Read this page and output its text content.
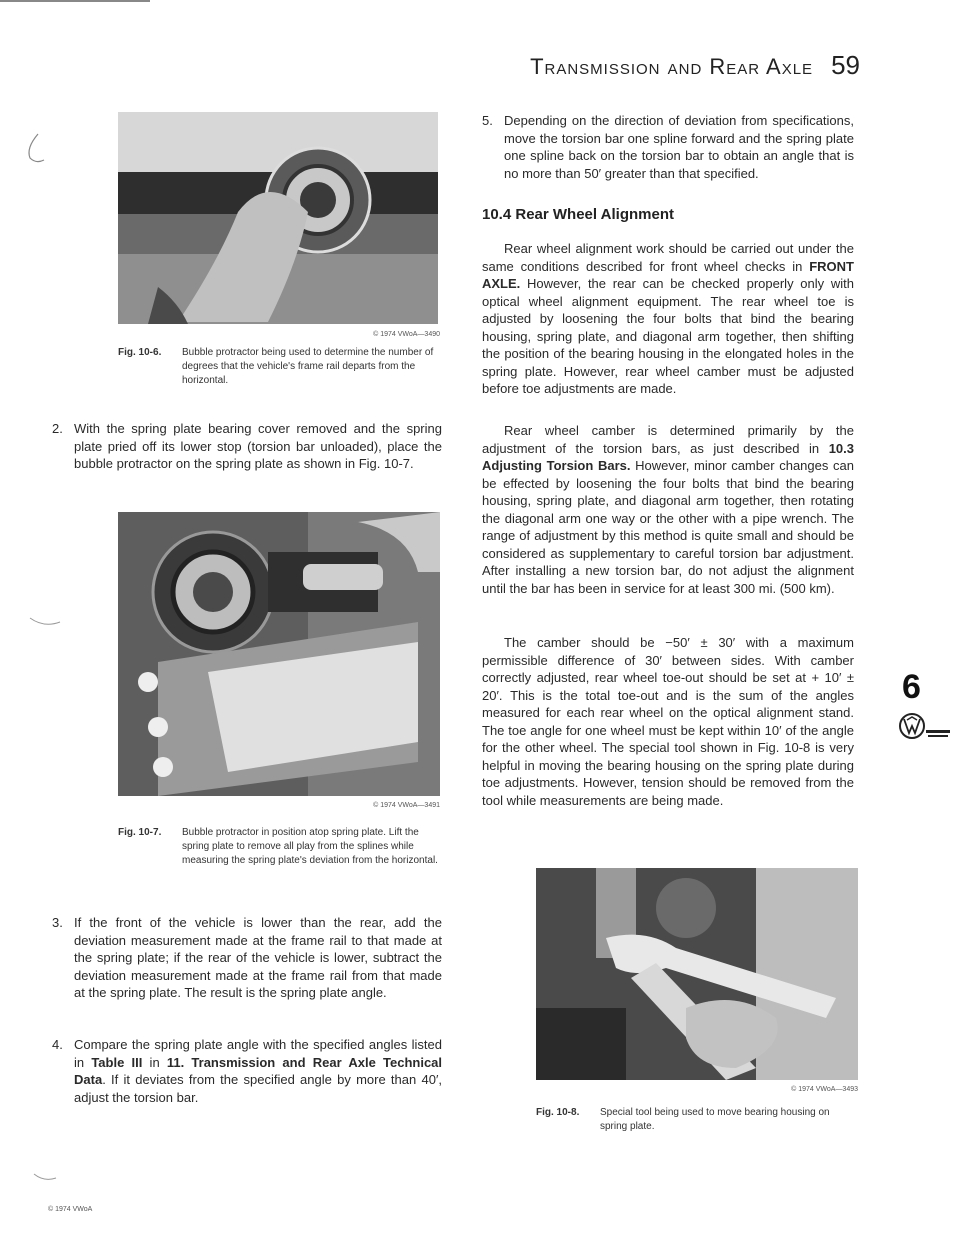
Transmission and Rear Axle 59
© 1974 VWoA—3490
Fig. 10-6.	Bubble protractor being used to determine the number of degrees that the vehicle's frame rail departs from the horizontal.
2. With the spring plate bearing cover removed and the spring plate pried off its lower stop (torsion bar unloaded), place the bubble protractor on the spring plate as shown in Fig. 10-7.
© 1974 VWoA—3491
Fig. 10-7.	Bubble protractor in position atop spring plate. Lift the spring plate to remove all play from the splines while measuring the spring plate's deviation from the horizontal.
3. If the front of the vehicle is lower than the rear, add the deviation measurement made at the frame rail to that made at the spring plate; if the rear of the vehicle is lower, subtract the deviation measurement made at the frame rail from that made at the spring plate. The result is the spring plate angle.
4. Compare the spring plate angle with the specified angles listed in Table III in 11. Transmission and Rear Axle Technical Data. If it deviates from the specified angle by more than 40′, adjust the torsion bar.
5. Depending on the direction of deviation from specifications, move the torsion bar one spline forward and the spring plate one spline back on the torsion bar to obtain an angle that is no more than 50′ greater than that specified.
10.4 Rear Wheel Alignment
Rear wheel alignment work should be carried out under the same conditions described for front wheel checks in FRONT AXLE. However, the rear can be checked properly only with optical wheel alignment equipment. The rear wheel toe is adjusted by loosening the four bolts that bind the bearing housing, spring plate, and diagonal arm together, then shifting the position of the bearing housing in the elongated holes in the spring plate. However, rear wheel camber must be adjusted before toe adjustments are made.
Rear wheel camber is determined primarily by the adjustment of the torsion bars, as just described in 10.3 Adjusting Torsion Bars. However, minor camber changes can be effected by loosening the four bolts that bind the bearing housing, spring plate, and diagonal arm together, then rotating the diagonal arm one way or the other with a pipe wrench. The range of adjustment by this method is quite small and should be considered as supplementary to careful torsion bar adjustment. After installing a new torsion bar, do not adjust the alignment until the bar has been in service for at least 300 mi. (500 km).
The camber should be −50′ ± 30′ with a maximum permissible difference of 30′ between sides. With camber correctly adjusted, rear wheel toe-out should be set at + 10′ ± 20′. This is the total toe-out and is the sum of the angles measured for each rear wheel on the optical alignment stand. The toe angle for one wheel must be kept within 10′ of the angle for the other wheel. The special tool shown in Fig. 10-8 is very helpful in moving the bearing housing on the spring plate during toe adjustments. However, tension should be removed from the tool while measurements are being made.
© 1974 VWoA—3493
Fig. 10-8.	Special tool being used to move bearing housing on spring plate.
6
© 1974 VWoA
